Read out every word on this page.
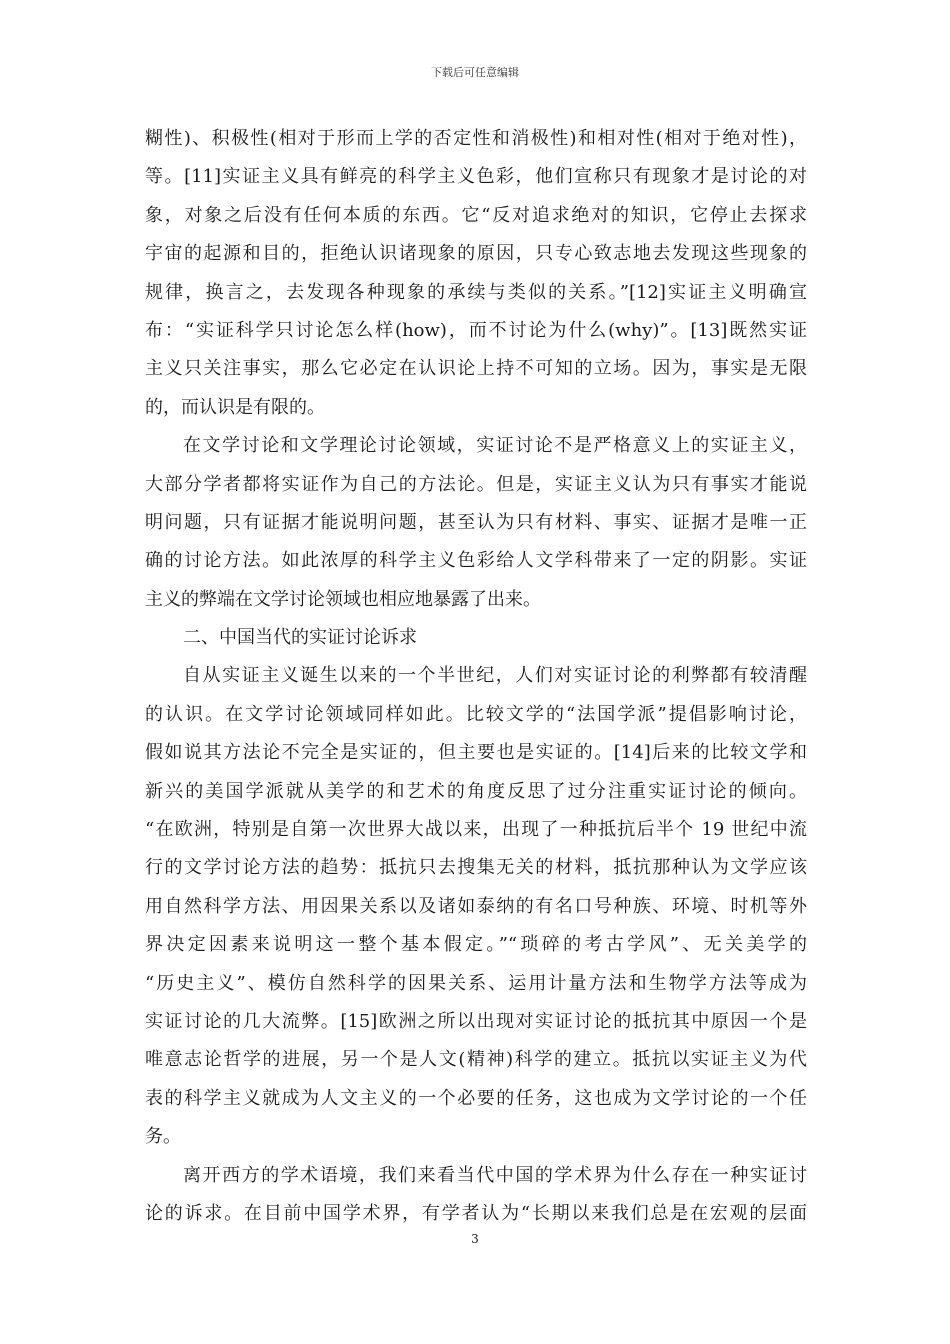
下载后可任意编辑
糊性)、积极性(相对于形而上学的否定性和消极性)和相对性(相对于绝对性)，
等。[11]实证主义具有鲜亮的科学主义色彩，他们宣称只有现象才是讨论的对
象，对象之后没有任何本质的东西。它“反对追求绝对的知识，它停止去探求
宇宙的起源和目的，拒绝认识诸现象的原因，只专心致志地去发现这些现象的
规律，换言之，去发现各种现象的承续与类似的关系。”[12]实证主义明确宣
布：“实证科学只讨论怎么样(how)，而不讨论为什么(why)”。[13]既然实证
主义只关注事实，那么它必定在认识论上持不可知的立场。因为，事实是无限
的，而认识是有限的。
在文学讨论和文学理论讨论领域，实证讨论不是严格意义上的实证主义，
大部分学者都将实证作为自己的方法论。但是，实证主义认为只有事实才能说
明问题，只有证据才能说明问题，甚至认为只有材料、事实、证据才是唯一正
确的讨论方法。如此浓厚的科学主义色彩给人文学科带来了一定的阴影。实证
主义的弊端在文学讨论领域也相应地暴露了出来。
二、中国当代的实证讨论诉求
自从实证主义诞生以来的一个半世纪，人们对实证讨论的利弊都有较清醒
的认识。在文学讨论领域同样如此。比较文学的“法国学派”提倡影响讨论，
假如说其方法论不完全是实证的，但主要也是实证的。[14]后来的比较文学和
新兴的美国学派就从美学的和艺术的角度反思了过分注重实证讨论的倾向。
“在欧洲，特别是自第一次世界大战以来，出现了一种抵抗后半个 19 世纪中流
行的文学讨论方法的趋势：抵抗只去搜集无关的材料，抵抗那种认为文学应该
用自然科学方法、用因果关系以及诸如泰纳的有名口号种族、环境、时机等外
界决定因素来说明这一整个基本假定。”“琐碎的考古学风”、无关美学的
“历史主义”、模仿自然科学的因果关系、运用计量方法和生物学方法等成为
实证讨论的几大流弊。[15]欧洲之所以出现对实证讨论的抵抗其中原因一个是
唯意志论哲学的进展，另一个是人文(精神)科学的建立。抵抗以实证主义为代
表的科学主义就成为人文主义的一个必要的任务，这也成为文学讨论的一个任
务。
离开西方的学术语境，我们来看当代中国的学术界为什么存在一种实证讨
论的诉求。在目前中国学术界，有学者认为“长期以来我们总是在宏观的层面
3
